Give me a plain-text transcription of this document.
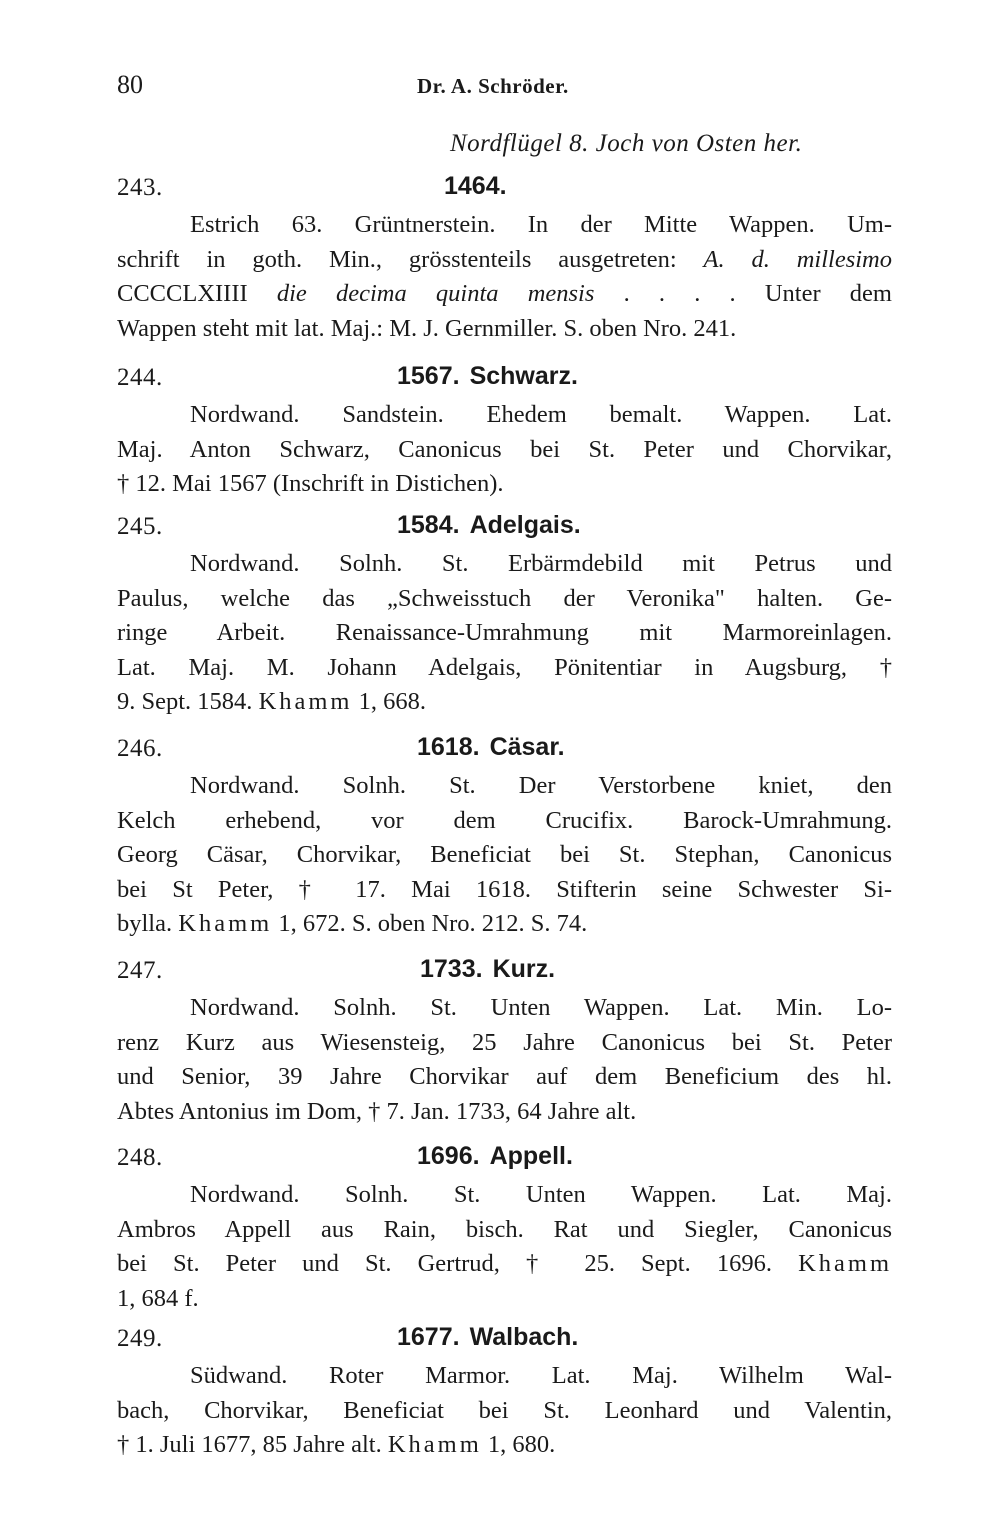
80	Dr. A. Schröder.
Nordflügel 8. Joch von Osten her.
243.	1464.
Estrich 63. Grüntnerstein. In der Mitte Wappen. Um-
schrift in goth. Min., grösstenteils ausgetreten: A. d. millesimo
CCCCLXIIII die decima quinta mensis . . . . Unter dem
Wappen steht mit lat. Maj.: M. J. Gernmiller. S. oben Nro. 241.
244.	1567. Schwarz.
Nordwand. Sandstein. Ehedem bemalt. Wappen. Lat.
Maj. Anton Schwarz, Canonicus bei St. Peter und Chorvikar,
† 12. Mai 1567 (Inschrift in Distichen).
245.	1584. Adelgais.
Nordwand. Solnh. St. Erbärmdebild mit Petrus und
Paulus, welche das „Schweisstuch der Veronika" halten. Ge-
ringe Arbeit. Renaissance-Umrahmung mit Marmoreinlagen.
Lat. Maj. M. Johann Adelgais, Pönitentiar in Augsburg, †
9. Sept. 1584. Khamm 1, 668.
246.	1618. Cäsar.
Nordwand. Solnh. St. Der Verstorbene kniet, den
Kelch erhebend, vor dem Crucifix. Barock-Umrahmung.
Georg Cäsar, Chorvikar, Beneficiat bei St. Stephan, Canonicus
bei St Peter, † 17. Mai 1618. Stifterin seine Schwester Si-
bylla. Khamm 1, 672. S. oben Nro. 212. S. 74.
247.	1733. Kurz.
Nordwand. Solnh. St. Unten Wappen. Lat. Min. Lo-
renz Kurz aus Wiesensteig, 25 Jahre Canonicus bei St. Peter
und Senior, 39 Jahre Chorvikar auf dem Beneficium des hl.
Abtes Antonius im Dom, † 7. Jan. 1733, 64 Jahre alt.
248.	1696. Appell.
Nordwand. Solnh. St. Unten Wappen. Lat. Maj.
Ambros Appell aus Rain, bisch. Rat und Siegler, Canonicus
bei St. Peter und St. Gertrud, † 25. Sept. 1696. Khamm
1, 684 f.
249.	1677. Walbach.
Südwand. Roter Marmor. Lat. Maj. Wilhelm Wal-
bach, Chorvikar, Beneficiat bei St. Leonhard und Valentin,
† 1. Juli 1677, 85 Jahre alt. Khamm 1, 680.
